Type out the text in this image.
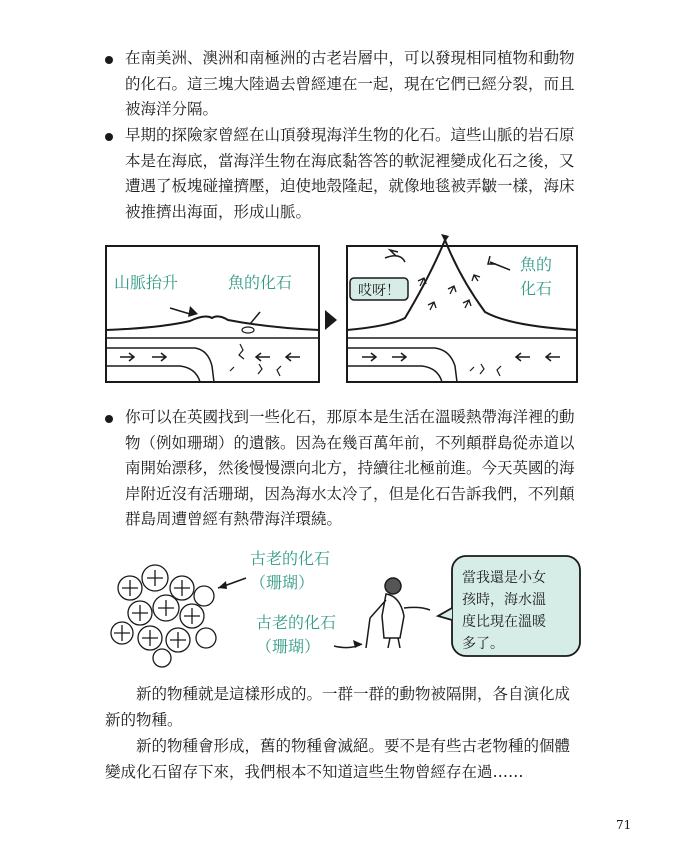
在南美洲、澳洲和南極洲的古老岩層中，可以發現相同植物和動物的化石。這三塊大陸過去曾經連在一起，現在它們已經分裂，而且被海洋分隔。
早期的探險家曾經在山頂發現海洋生物的化石。這些山脈的岩石原本是在海底，當海洋生物在海底黏答答的軟泥裡變成化石之後，又遭遇了板塊碰撞擠壓，迫使地殼隆起，就像地毯被弄皺一樣，海床被推擠出海面，形成山脈。
山脈抬升	魚的化石	哎呀！
魚的
化石
你可以在英國找到一些化石，那原本是生活在溫暖熱帶海洋裡的動物（例如珊瑚）的遺骸。因為在幾百萬年前，不列顛群島從赤道以南開始漂移，然後慢慢漂向北方，持續往北極前進。今天英國的海岸附近沒有活珊瑚，因為海水太冷了，但是化石告訴我們，不列顛群島周遭曾經有熱帶海洋環繞。
古老的化石
（珊瑚）
古老的化石
（珊瑚）
當我還是小女
孩時，海水溫
度比現在溫暖
多了。
新的物種就是這樣形成的。一群一群的動物被隔開，各自演化成新的物種。
新的物種會形成，舊的物種會滅絕。要不是有些古老物種的個體變成化石留存下來，我們根本不知道這些生物曾經存在過……
71
